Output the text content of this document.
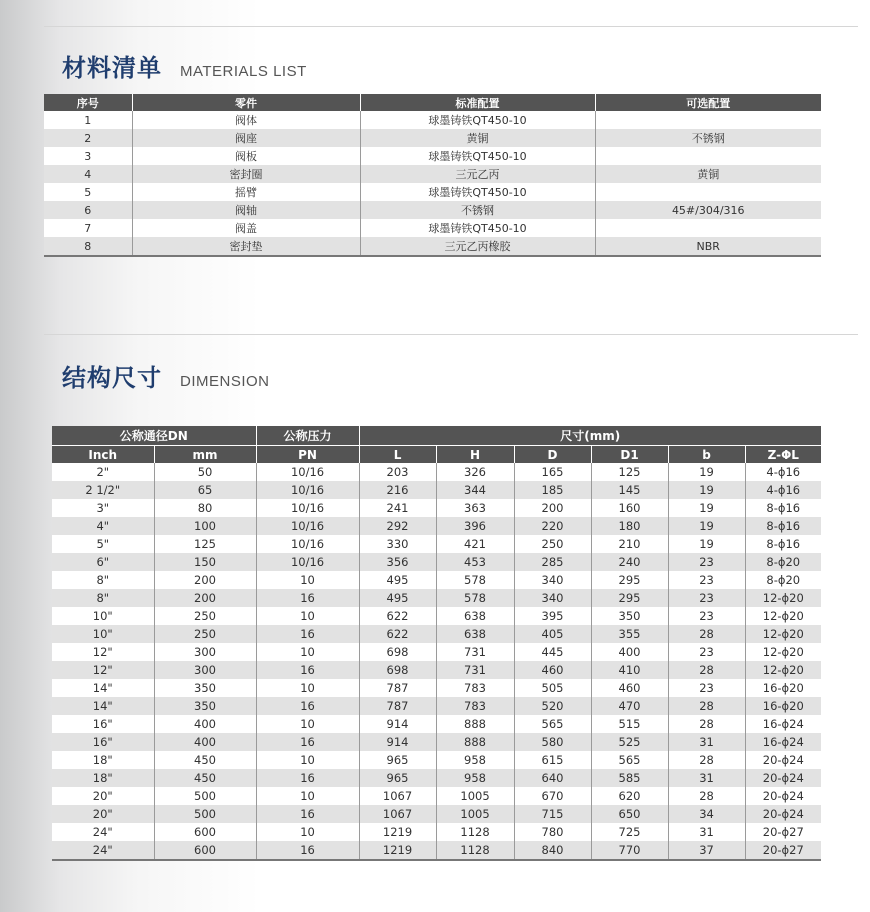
材料清单 MATERIALS LIST
序号	零件	标准配置	可选配置
1	阀体	球墨铸铁QT450-10	
2	阀座	黄铜	不锈钢
3	阀板	球墨铸铁QT450-10	
4	密封圈	三元乙丙	黄铜
5	摇臂	球墨铸铁QT450-10	
6	阀轴	不锈钢	45#/304/316
7	阀盖	球墨铸铁QT450-10	
8	密封垫	三元乙丙橡胶	NBR
结构尺寸 DIMENSION
公称通径DN		公称压力	尺寸(mm)					
Inch	mm	PN	L	H	D	D1	b	Z-ΦL
2"	50	10/16	203	326	165	125	19	4-ϕ16
2 1/2"	65	10/16	216	344	185	145	19	4-ϕ16
3"	80	10/16	241	363	200	160	19	8-ϕ16
4"	100	10/16	292	396	220	180	19	8-ϕ16
5"	125	10/16	330	421	250	210	19	8-ϕ16
6"	150	10/16	356	453	285	240	23	8-ϕ20
8"	200	10	495	578	340	295	23	8-ϕ20
8"	200	16	495	578	340	295	23	12-ϕ20
10"	250	10	622	638	395	350	23	12-ϕ20
10"	250	16	622	638	405	355	28	12-ϕ20
12"	300	10	698	731	445	400	23	12-ϕ20
12"	300	16	698	731	460	410	28	12-ϕ20
14"	350	10	787	783	505	460	23	16-ϕ20
14"	350	16	787	783	520	470	28	16-ϕ20
16"	400	10	914	888	565	515	28	16-ϕ24
16"	400	16	914	888	580	525	31	16-ϕ24
18"	450	10	965	958	615	565	28	20-ϕ24
18"	450	16	965	958	640	585	31	20-ϕ24
20"	500	10	1067	1005	670	620	28	20-ϕ24
20"	500	16	1067	1005	715	650	34	20-ϕ24
24"	600	10	1219	1128	780	725	31	20-ϕ27
24"	600	16	1219	1128	840	770	37	20-ϕ27
